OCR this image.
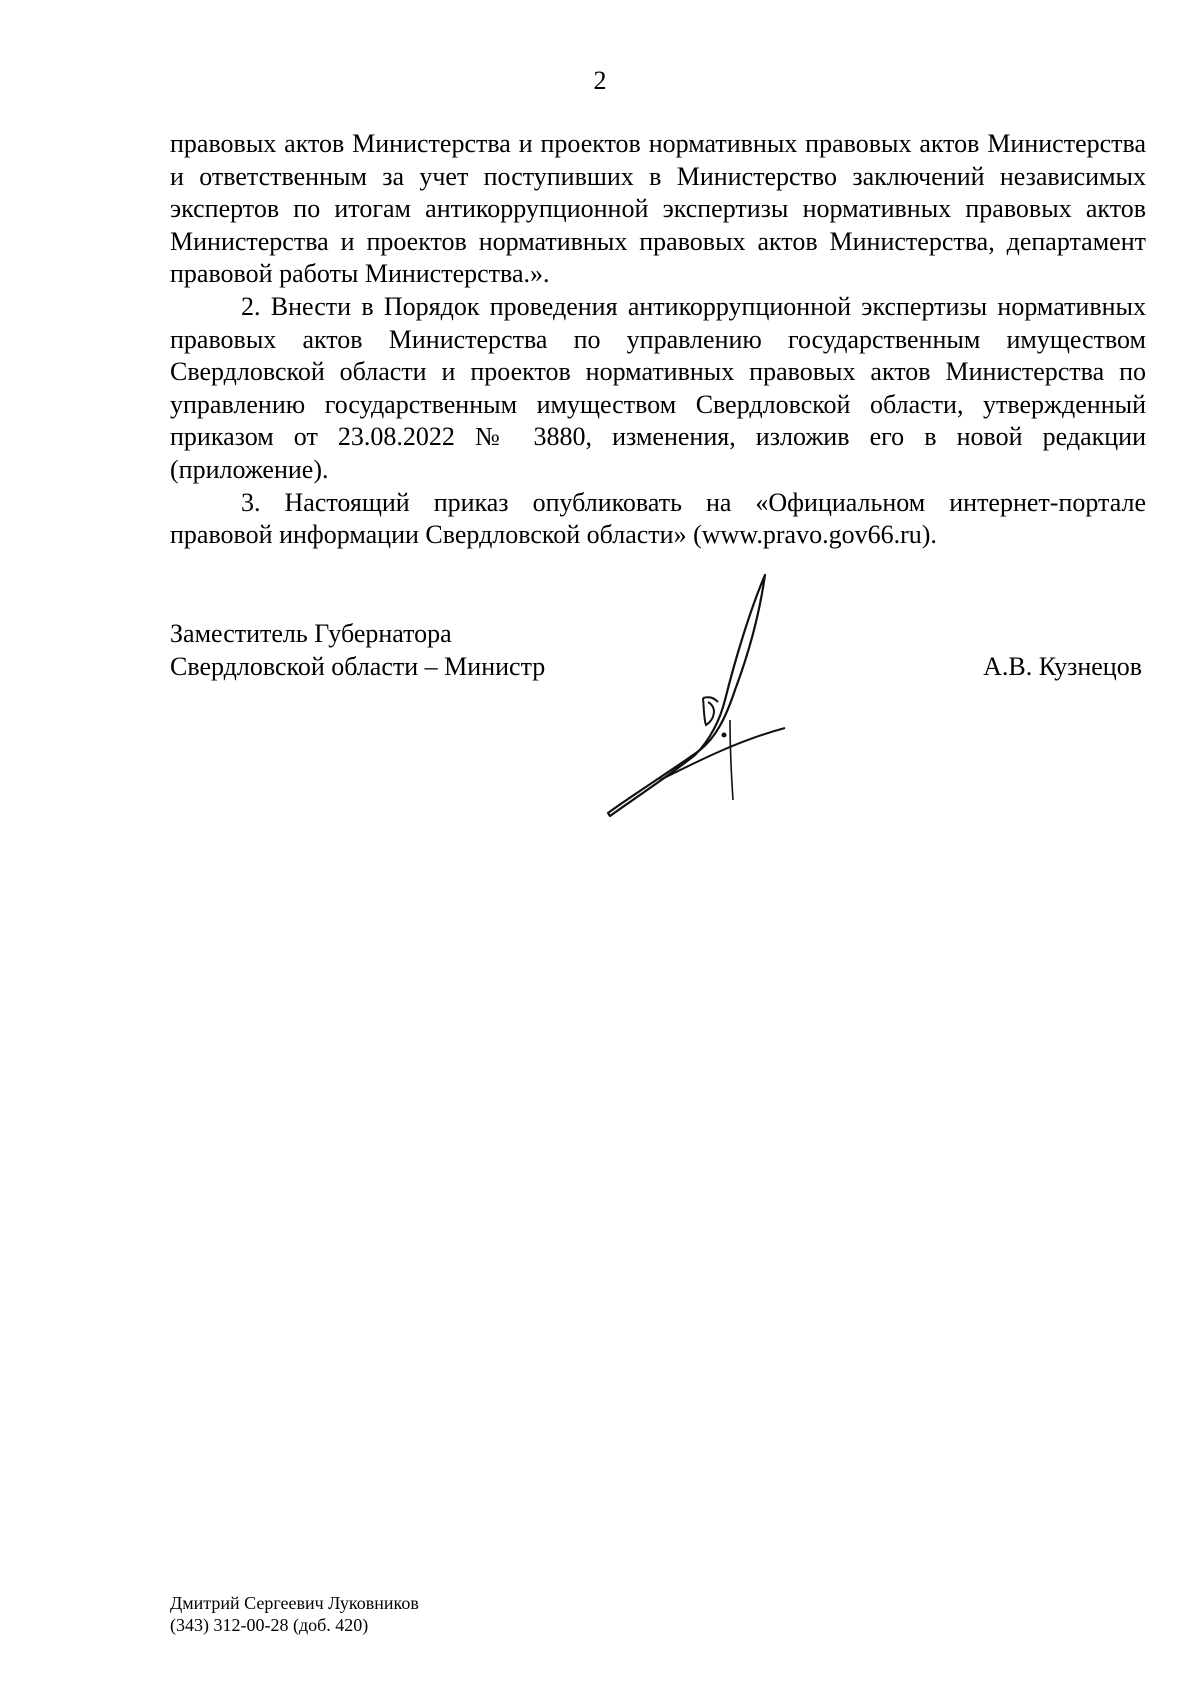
2

правовых актов Министерства и проектов нормативных правовых актов Министерства и ответственным за учет поступивших в Министерство заключений независимых экспертов по итогам антикоррупционной экспертизы нормативных правовых актов Министерства и проектов нормативных правовых актов Министерства, департамент правовой работы Министерства.».

2. Внести в Порядок проведения антикоррупционной экспертизы нормативных правовых актов Министерства по управлению государственным имуществом Свердловской области и проектов нормативных правовых актов Министерства по управлению государственным имуществом Свердловской области, утвержденный приказом от 23.08.2022 № 3880, изменения, изложив его в новой редакции (приложение).

3. Настоящий приказ опубликовать на «Официальном интернет-портале правовой информации Свердловской области» (www.pravo.gov66.ru).

Заместитель Губернатора
Свердловской области – Министр	А.В. Кузнецов
Дмитрий Сергеевич Луковников
(343) 312-00-28 (доб. 420)
